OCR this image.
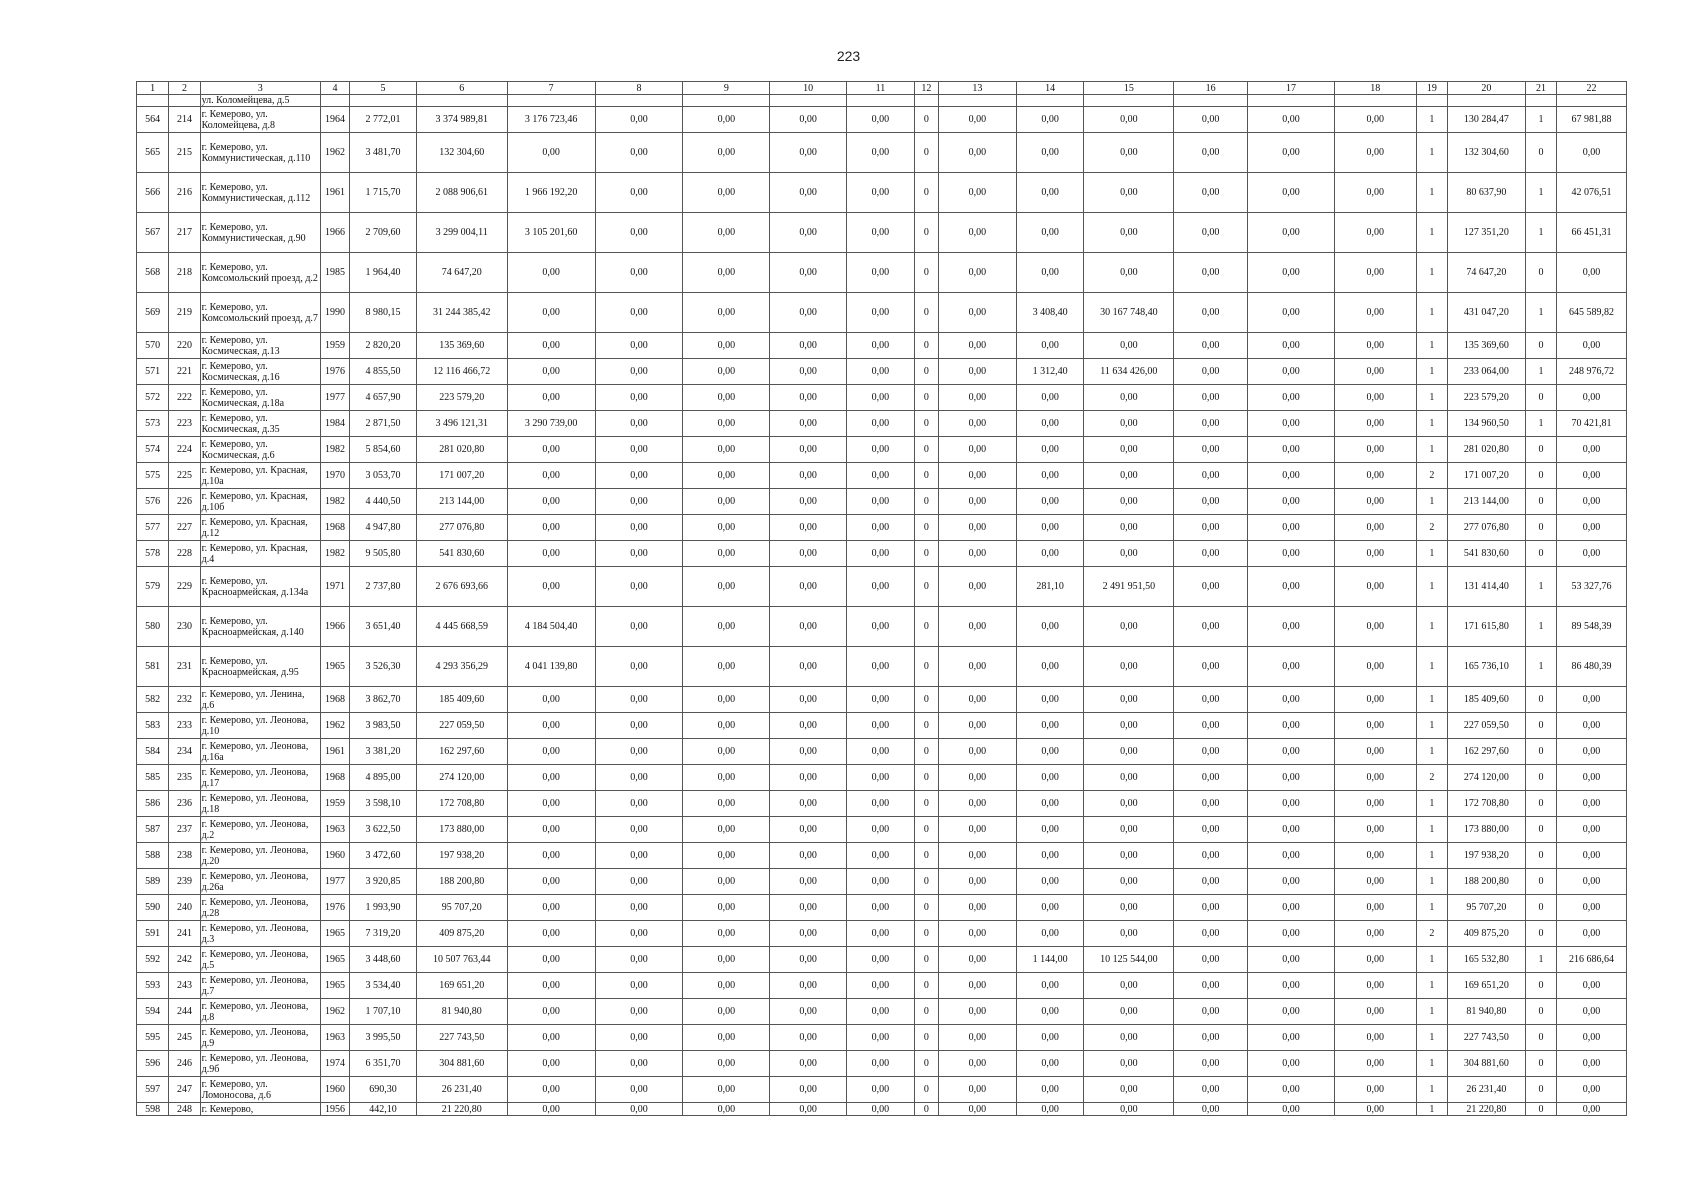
223
1	2	3	4	5	6	7	8	9	10	11	12	13	14	15	16	17	18	19	20	21	22
		ул. Коломейцева, д.5																			
564	214	г. Кемерово, ул. Коломейцева, д.8	1964	2 772,01	3 374 989,81	3 176 723,46	0,00	0,00	0,00	0,00	0	0,00	0,00	0,00	0,00	0,00	0,00	1	130 284,47	1	67 981,88
565	215	г. Кемерово, ул. Коммунистическая, д.110	1962	3 481,70	132 304,60	0,00	0,00	0,00	0,00	0,00	0	0,00	0,00	0,00	0,00	0,00	0,00	1	132 304,60	0	0,00
566	216	г. Кемерово, ул. Коммунистическая, д.112	1961	1 715,70	2 088 906,61	1 966 192,20	0,00	0,00	0,00	0,00	0	0,00	0,00	0,00	0,00	0,00	0,00	1	80 637,90	1	42 076,51
567	217	г. Кемерово, ул. Коммунистическая, д.90	1966	2 709,60	3 299 004,11	3 105 201,60	0,00	0,00	0,00	0,00	0	0,00	0,00	0,00	0,00	0,00	0,00	1	127 351,20	1	66 451,31
568	218	г. Кемерово, ул. Комсомольский проезд, д.2	1985	1 964,40	74 647,20	0,00	0,00	0,00	0,00	0,00	0	0,00	0,00	0,00	0,00	0,00	0,00	1	74 647,20	0	0,00
569	219	г. Кемерово, ул. Комсомольский проезд, д.7	1990	8 980,15	31 244 385,42	0,00	0,00	0,00	0,00	0,00	0	0,00	3 408,40	30 167 748,40	0,00	0,00	0,00	1	431 047,20	1	645 589,82
570	220	г. Кемерово, ул. Космическая, д.13	1959	2 820,20	135 369,60	0,00	0,00	0,00	0,00	0,00	0	0,00	0,00	0,00	0,00	0,00	0,00	1	135 369,60	0	0,00
571	221	г. Кемерово, ул. Космическая, д.16	1976	4 855,50	12 116 466,72	0,00	0,00	0,00	0,00	0,00	0	0,00	1 312,40	11 634 426,00	0,00	0,00	0,00	1	233 064,00	1	248 976,72
572	222	г. Кемерово, ул. Космическая, д.18а	1977	4 657,90	223 579,20	0,00	0,00	0,00	0,00	0,00	0	0,00	0,00	0,00	0,00	0,00	0,00	1	223 579,20	0	0,00
573	223	г. Кемерово, ул. Космическая, д.35	1984	2 871,50	3 496 121,31	3 290 739,00	0,00	0,00	0,00	0,00	0	0,00	0,00	0,00	0,00	0,00	0,00	1	134 960,50	1	70 421,81
574	224	г. Кемерово, ул. Космическая, д.6	1982	5 854,60	281 020,80	0,00	0,00	0,00	0,00	0,00	0	0,00	0,00	0,00	0,00	0,00	0,00	1	281 020,80	0	0,00
575	225	г. Кемерово, ул. Красная, д.10а	1970	3 053,70	171 007,20	0,00	0,00	0,00	0,00	0,00	0	0,00	0,00	0,00	0,00	0,00	0,00	2	171 007,20	0	0,00
576	226	г. Кемерово, ул. Красная, д.10б	1982	4 440,50	213 144,00	0,00	0,00	0,00	0,00	0,00	0	0,00	0,00	0,00	0,00	0,00	0,00	1	213 144,00	0	0,00
577	227	г. Кемерово, ул. Красная, д.12	1968	4 947,80	277 076,80	0,00	0,00	0,00	0,00	0,00	0	0,00	0,00	0,00	0,00	0,00	0,00	2	277 076,80	0	0,00
578	228	г. Кемерово, ул. Красная, д.4	1982	9 505,80	541 830,60	0,00	0,00	0,00	0,00	0,00	0	0,00	0,00	0,00	0,00	0,00	0,00	1	541 830,60	0	0,00
579	229	г. Кемерово, ул. Красноармейская, д.134а	1971	2 737,80	2 676 693,66	0,00	0,00	0,00	0,00	0,00	0	0,00	281,10	2 491 951,50	0,00	0,00	0,00	1	131 414,40	1	53 327,76
580	230	г. Кемерово, ул. Красноармейская, д.140	1966	3 651,40	4 445 668,59	4 184 504,40	0,00	0,00	0,00	0,00	0	0,00	0,00	0,00	0,00	0,00	0,00	1	171 615,80	1	89 548,39
581	231	г. Кемерово, ул. Красноармейская, д.95	1965	3 526,30	4 293 356,29	4 041 139,80	0,00	0,00	0,00	0,00	0	0,00	0,00	0,00	0,00	0,00	0,00	1	165 736,10	1	86 480,39
582	232	г. Кемерово, ул. Ленина, д.6	1968	3 862,70	185 409,60	0,00	0,00	0,00	0,00	0,00	0	0,00	0,00	0,00	0,00	0,00	0,00	1	185 409,60	0	0,00
583	233	г. Кемерово, ул. Леонова, д.10	1962	3 983,50	227 059,50	0,00	0,00	0,00	0,00	0,00	0	0,00	0,00	0,00	0,00	0,00	0,00	1	227 059,50	0	0,00
584	234	г. Кемерово, ул. Леонова, д.16а	1961	3 381,20	162 297,60	0,00	0,00	0,00	0,00	0,00	0	0,00	0,00	0,00	0,00	0,00	0,00	1	162 297,60	0	0,00
585	235	г. Кемерово, ул. Леонова, д.17	1968	4 895,00	274 120,00	0,00	0,00	0,00	0,00	0,00	0	0,00	0,00	0,00	0,00	0,00	0,00	2	274 120,00	0	0,00
586	236	г. Кемерово, ул. Леонова, д.18	1959	3 598,10	172 708,80	0,00	0,00	0,00	0,00	0,00	0	0,00	0,00	0,00	0,00	0,00	0,00	1	172 708,80	0	0,00
587	237	г. Кемерово, ул. Леонова, д.2	1963	3 622,50	173 880,00	0,00	0,00	0,00	0,00	0,00	0	0,00	0,00	0,00	0,00	0,00	0,00	1	173 880,00	0	0,00
588	238	г. Кемерово, ул. Леонова, д.20	1960	3 472,60	197 938,20	0,00	0,00	0,00	0,00	0,00	0	0,00	0,00	0,00	0,00	0,00	0,00	1	197 938,20	0	0,00
589	239	г. Кемерово, ул. Леонова, д.26а	1977	3 920,85	188 200,80	0,00	0,00	0,00	0,00	0,00	0	0,00	0,00	0,00	0,00	0,00	0,00	1	188 200,80	0	0,00
590	240	г. Кемерово, ул. Леонова, д.28	1976	1 993,90	95 707,20	0,00	0,00	0,00	0,00	0,00	0	0,00	0,00	0,00	0,00	0,00	0,00	1	95 707,20	0	0,00
591	241	г. Кемерово, ул. Леонова, д.3	1965	7 319,20	409 875,20	0,00	0,00	0,00	0,00	0,00	0	0,00	0,00	0,00	0,00	0,00	0,00	2	409 875,20	0	0,00
592	242	г. Кемерово, ул. Леонова, д.5	1965	3 448,60	10 507 763,44	0,00	0,00	0,00	0,00	0,00	0	0,00	1 144,00	10 125 544,00	0,00	0,00	0,00	1	165 532,80	1	216 686,64
593	243	г. Кемерово, ул. Леонова, д.7	1965	3 534,40	169 651,20	0,00	0,00	0,00	0,00	0,00	0	0,00	0,00	0,00	0,00	0,00	0,00	1	169 651,20	0	0,00
594	244	г. Кемерово, ул. Леонова, д.8	1962	1 707,10	81 940,80	0,00	0,00	0,00	0,00	0,00	0	0,00	0,00	0,00	0,00	0,00	0,00	1	81 940,80	0	0,00
595	245	г. Кемерово, ул. Леонова, д.9	1963	3 995,50	227 743,50	0,00	0,00	0,00	0,00	0,00	0	0,00	0,00	0,00	0,00	0,00	0,00	1	227 743,50	0	0,00
596	246	г. Кемерово, ул. Леонова, д.9б	1974	6 351,70	304 881,60	0,00	0,00	0,00	0,00	0,00	0	0,00	0,00	0,00	0,00	0,00	0,00	1	304 881,60	0	0,00
597	247	г. Кемерово, ул. Ломоносова, д.6	1960	690,30	26 231,40	0,00	0,00	0,00	0,00	0,00	0	0,00	0,00	0,00	0,00	0,00	0,00	1	26 231,40	0	0,00
598	248	г. Кемерово,	1956	442,10	21 220,80	0,00	0,00	0,00	0,00	0,00	0	0,00	0,00	0,00	0,00	0,00	0,00	1	21 220,80	0	0,00
